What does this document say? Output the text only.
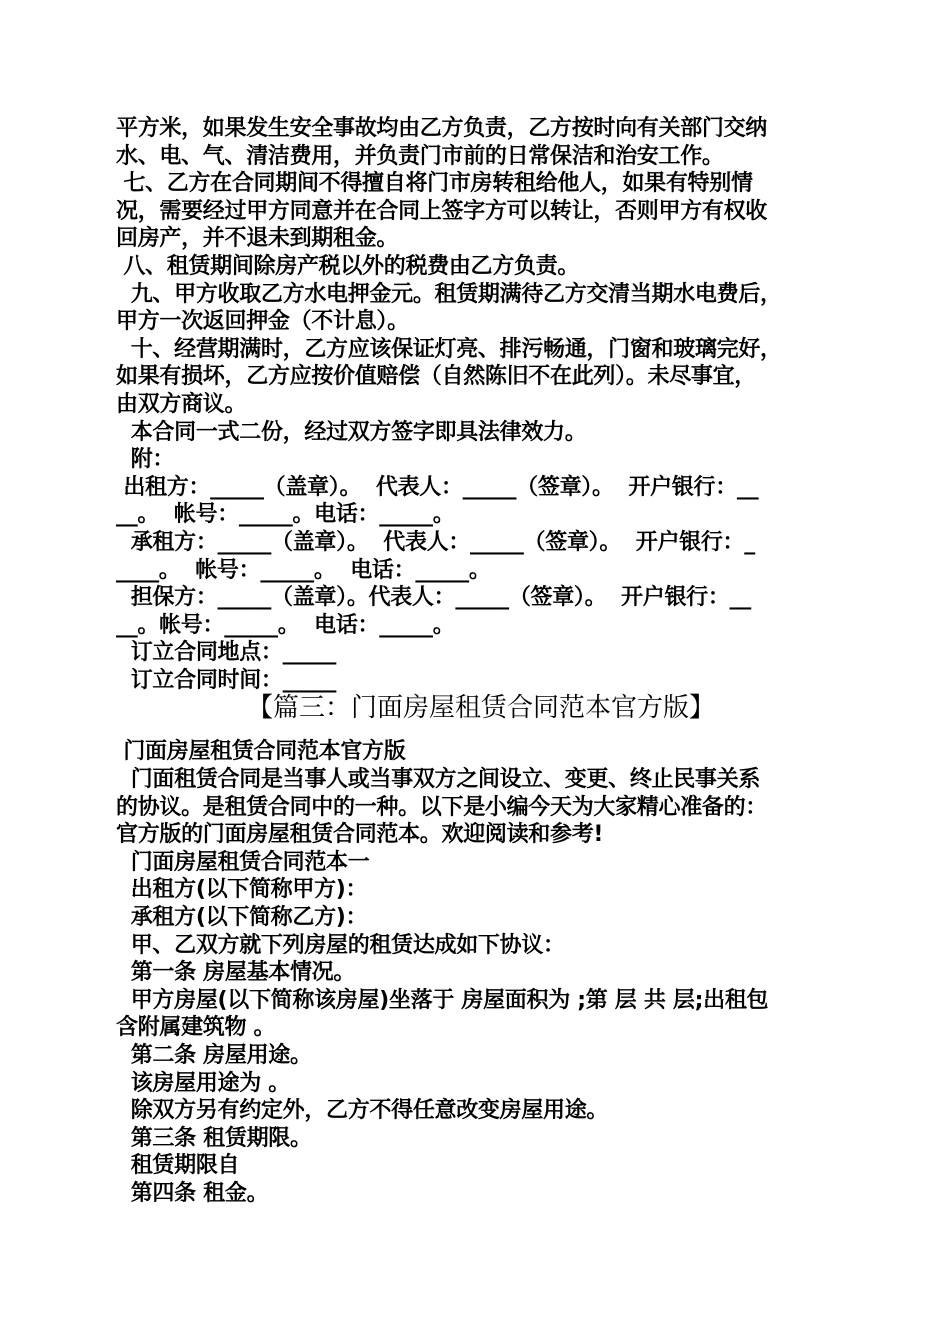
平方米，如果发生安全事故均由乙方负责，乙方按时向有关部门交纳
水、电、气、清洁费用，并负责门市前的日常保洁和治安工作。
七、乙方在合同期间不得擅自将门市房转租给他人，如果有特别情
况，需要经过甲方同意并在合同上签字方可以转让，否则甲方有权收
回房产，并不退未到期租金。
八、租赁期间除房产税以外的税费由乙方负责。
九、甲方收取乙方水电押金元。租赁期满待乙方交清当期水电费后，
甲方一次返回押金（不计息）。
十、经营期满时，乙方应该保证灯亮、排污畅通，门窗和玻璃完好，
如果有损坏，乙方应按价值赔偿（自然陈旧不在此列）。未尽事宜，
由双方商议。
本合同一式二份，经过双方签字即具法律效力。
附：
出租方：_____（盖章）。  代表人：_____（签章）。  开户银行：__
__。  帐号：_____。电话：_____。
承租方：_____（盖章）。  代表人：_____（签章）。  开户银行：_
____。  帐号：_____。  电话：_____。
担保方：_____（盖章）。代表人：_____（签章）。  开户银行：__
__。帐号：_____。  电话：_____。
订立合同地点：_____
订立合同时间：_____
【篇三：门面房屋租赁合同范本官方版】
门面房屋租赁合同范本官方版
门面租赁合同是当事人或当事双方之间设立、变更、终止民事关系
的协议。是租赁合同中的一种。以下是小编今天为大家精心准备的：
官方版的门面房屋租赁合同范本。欢迎阅读和参考!
门面房屋租赁合同范本一
出租方(以下简称甲方)：
承租方(以下简称乙方)：
甲、乙双方就下列房屋的租赁达成如下协议：
第一条 房屋基本情况。
甲方房屋(以下简称该房屋)坐落于 房屋面积为 ;第 层 共 层;出租包
含附属建筑物 。
第二条 房屋用途。
该房屋用途为 。
除双方另有约定外，乙方不得任意改变房屋用途。
第三条 租赁期限。
租赁期限自
第四条 租金。
